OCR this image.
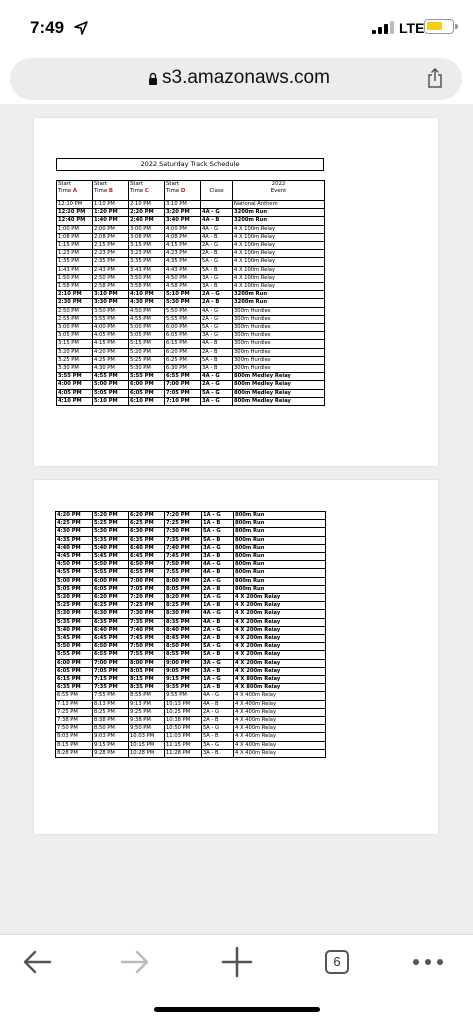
7:49	LTE
s3.amazonaws.com
2022 Saturday Track Schedule
Start
Time A	Start
Time B	Start
Time C	Start
Time D	Class	2022
Event
12:10 PM	1:10 PM	2:10 PM	3:10 PM		National Anthem
12:20 PM	1:20 PM	2:20 PM	3:20 PM	4A - G	3200m Run
12:40 PM	1:40 PM	2:40 PM	3:40 PM	4A - B	3200m Run
1:00 PM	2:00 PM	3:00 PM	4:00 PM	4A - G	4 X 100m Relay
1:08 PM	2:08 PM	3:08 PM	4:08 PM	4A - B	4 X 100m Relay
1:15 PM	2:15 PM	3:15 PM	4:15 PM	2A - G	4 X 100m Relay
1:23 PM	2:23 PM	3:23 PM	4:23 PM	2A - B	4 X 100m Relay
1:35 PM	2:35 PM	3:35 PM	4:35 PM	5A - G	4 X 100m Relay
1:43 PM	2:43 PM	3:43 PM	4:43 PM	5A - B	4 X 100m Relay
1:50 PM	2:50 PM	3:50 PM	4:50 PM	3A - G	4 X 100m Relay
1:58 PM	2:58 PM	3:58 PM	4:58 PM	3A - B	4 X 100m Relay
2:10 PM	3:10 PM	4:10 PM	5:10 PM	2A - G	3200m Run
2:30 PM	3:30 PM	4:30 PM	5:30 PM	2A - B	3200m Run
2:50 PM	3:50 PM	4:50 PM	5:50 PM	4A - G	300m Hurdles
2:55 PM	3:55 PM	4:55 PM	5:55 PM	2A - G	300m Hurdles
3:00 PM	4:00 PM	5:00 PM	6:00 PM	5A - G	300m Hurdles
3:05 PM	4:05 PM	5:05 PM	6:05 PM	3A - G	300m Hurdles
3:15 PM	4:15 PM	5:15 PM	6:15 PM	4A - B	300m Hurdles
3:20 PM	4:20 PM	5:20 PM	6:20 PM	2A - B	300m Hurdles
3:25 PM	4:25 PM	5:25 PM	6:25 PM	5A - B	300m Hurdles
3:30 PM	4:30 PM	5:30 PM	6:30 PM	3A - B	300m Hurdles
3:55 PM	4:55 PM	5:55 PM	6:55 PM	4A - G	800m Medley Relay
4:00 PM	5:00 PM	6:00 PM	7:00 PM	2A - G	800m Medley Relay
4:05 PM	5:05 PM	6:05 PM	7:05 PM	5A - G	800m Medley Relay
4:10 PM	5:10 PM	6:10 PM	7:10 PM	3A - G	800m Medley Relay
4:20 PM	5:20 PM	6:20 PM	7:20 PM	1A - G	800m Run
4:25 PM	5:25 PM	6:25 PM	7:25 PM	1A - B	800m Run
4:30 PM	5:30 PM	6:30 PM	7:30 PM	5A - G	800m Run
4:35 PM	5:35 PM	6:35 PM	7:35 PM	5A - B	800m Run
4:40 PM	5:40 PM	6:40 PM	7:40 PM	3A - G	800m Run
4:45 PM	5:45 PM	6:45 PM	7:45 PM	3A - B	800m Run
4:50 PM	5:50 PM	6:50 PM	7:50 PM	4A - G	800m Run
4:55 PM	5:55 PM	6:55 PM	7:55 PM	4A - B	800m Run
5:00 PM	6:00 PM	7:00 PM	8:00 PM	2A - G	800m Run
5:05 PM	6:05 PM	7:05 PM	8:05 PM	2A - B	800m Run
5:20 PM	6:20 PM	7:20 PM	8:20 PM	1A - G	4 X 200m Relay
5:25 PM	6:25 PM	7:25 PM	8:25 PM	1A - B	4 X 200m Relay
5:30 PM	6:30 PM	7:30 PM	8:30 PM	4A - G	4 X 200m Relay
5:35 PM	6:35 PM	7:35 PM	8:35 PM	4A - B	4 X 200m Relay
5:40 PM	6:40 PM	7:40 PM	8:40 PM	2A - G	4 X 200m Relay
5:45 PM	6:45 PM	7:45 PM	8:45 PM	2A - B	4 X 200m Relay
5:50 PM	6:50 PM	7:50 PM	8:50 PM	5A - G	4 X 200m Relay
5:55 PM	6:55 PM	7:55 PM	8:55 PM	5A - B	4 X 200m Relay
6:00 PM	7:00 PM	8:00 PM	9:00 PM	3A - G	4 X 200m Relay
6:05 PM	7:05 PM	8:05 PM	9:05 PM	3A - B	4 X 200m Relay
6:15 PM	7:15 PM	8:15 PM	9:15 PM	1A - G	4 X 800m Relay
6:35 PM	7:35 PM	8:35 PM	9:35 PM	1A - B	4 X 800m Relay
6:55 PM	7:55 PM	8:55 PM	9:55 PM	4A - G	4 X 400m Relay
7:13 PM	8:13 PM	9:13 PM	10:13 PM	4A - B	4 X 400m Relay
7:25 PM	8:25 PM	9:25 PM	10:25 PM	2A - G	4 X 400m Relay
7:38 PM	8:38 PM	9:38 PM	10:38 PM	2A - B	4 X 400m Relay
7:50 PM	8:50 PM	9:50 PM	10:50 PM	5A - G	4 X 400m Relay
8:03 PM	9:03 PM	10:03 PM	11:03 PM	5A - B	4 X 400m Relay
8:15 PM	9:15 PM	10:15 PM	11:15 PM	3A - G	4 X 400m Relay
8:28 PM	9:28 PM	10:28 PM	11:28 PM	3A - B	4 X 400m Relay
6
